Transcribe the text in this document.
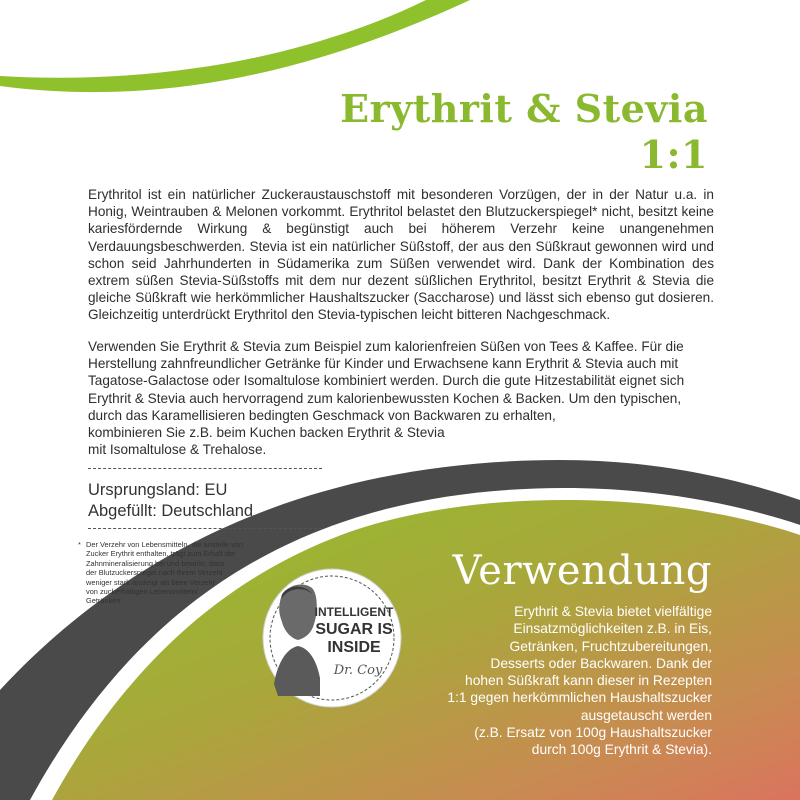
Erythrit & Stevia
1:1
Erythritol ist ein natürlicher Zuckeraustauschstoff mit besonderen Vorzügen, der in der Natur u.a. in Honig, Weintrauben & Melonen vorkommt. Erythritol belastet den Blutzuckerspiegel* nicht, besitzt keine kariesfördernde Wirkung & begünstigt auch bei höherem Verzehr keine unangenehmen Verdauungsbeschwerden. Stevia ist ein natürlicher Süßstoff, der aus den Süßkraut gewonnen wird und schon seid Jahrhunderten in Südamerika zum Süßen verwendet wird. Dank der Kombination des extrem süßen Stevia-Süßstoffs mit dem nur dezent süßlichen Erythritol, besitzt Erythrit & Stevia die gleiche Süßkraft wie herkömmlicher Haushaltszucker (Saccharose) und lässt sich ebenso gut dosieren. Gleichzeitig unterdrückt Erythritol den Stevia-typischen leicht bitteren Nachgeschmack.
Verwenden Sie Erythrit & Stevia zum Beispiel zum kalorienfreien Süßen von Tees & Kaffee. Für die
Herstellung zahnfreundlicher Getränke für Kinder und Erwachsene kann Erythrit & Stevia auch mit
Tagatose-Galactose oder Isomaltulose kombiniert werden. Durch die gute Hitzestabilität eignet sich
Erythrit & Stevia auch hervorragend zum kalorienbewussten Kochen & Backen. Um den typischen,
durch das Karamellisieren bedingten Geschmack von Backwaren zu erhalten,
kombinieren Sie z.B. beim Kuchen backen Erythrit & Stevia
mit Isomaltulose & Trehalose.
Ursprungsland: EU
Abgefüllt: Deutschland
* Der Verzehr von Lebensmitteln, die anstelle von
Zucker Erythrit enthalten, trägt zum Erhalt der
Zahnmineralisierung bei und bewirkt, dass
der Blutzuckerspiegel nach Ihrem Verzehr
weniger stark ansteigt als beim Verzehr
von zuckerhaltigen Lebensmitteln/
Getränken.
INTELLIGENT
SUGAR IS
INSIDE
Dr. Coy
Verwendung
Erythrit & Stevia bietet vielfältige
Einsatzmöglichkeiten z.B. in Eis,
Getränken, Fruchtzubereitungen,
Desserts oder Backwaren. Dank der
hohen Süßkraft kann dieser in Rezepten
1:1 gegen herkömmlichen Haushaltszucker
ausgetauscht werden
(z.B. Ersatz von 100g Haushaltszucker
durch 100g Erythrit & Stevia).
